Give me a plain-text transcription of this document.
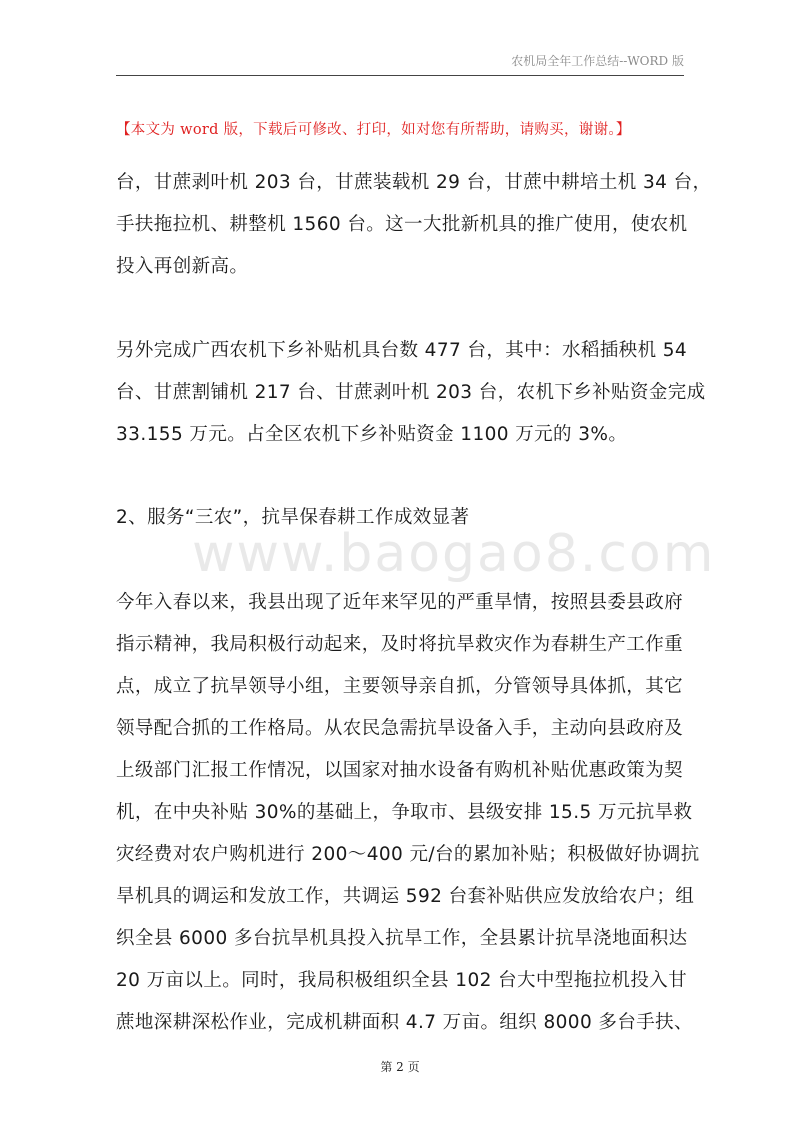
农机局全年工作总结--WORD 版
【本文为 word 版，下载后可修改、打印，如对您有所帮助，请购买，谢谢。】
www.baogao8.com
台，甘蔗剥叶机 203 台，甘蔗装载机 29 台，甘蔗中耕培土机 34 台，
手扶拖拉机、耕整机 1560 台。这一大批新机具的推广使用，使农机
投入再创新高。
另外完成广西农机下乡补贴机具台数 477 台，其中：水稻插秧机 54
台、甘蔗割铺机 217 台、甘蔗剥叶机 203 台，农机下乡补贴资金完成
33.155 万元。占全区农机下乡补贴资金 1100 万元的 3%。
2、服务“三农”，抗旱保春耕工作成效显著
今年入春以来，我县出现了近年来罕见的严重旱情，按照县委县政府
指示精神，我局积极行动起来，及时将抗旱救灾作为春耕生产工作重
点，成立了抗旱领导小组，主要领导亲自抓，分管领导具体抓，其它
领导配合抓的工作格局。从农民急需抗旱设备入手，主动向县政府及
上级部门汇报工作情况，以国家对抽水设备有购机补贴优惠政策为契
机，在中央补贴 30%的基础上，争取市、县级安排 15.5 万元抗旱救
灾经费对农户购机进行 200～400 元/台的累加补贴；积极做好协调抗
旱机具的调运和发放工作，共调运 592 台套补贴供应发放给农户；组
织全县 6000 多台抗旱机具投入抗旱工作，全县累计抗旱浇地面积达
20 万亩以上。同时，我局积极组织全县 102 台大中型拖拉机投入甘
蔗地深耕深松作业，完成机耕面积 4.7 万亩。组织 8000 多台手扶、
第 2 页
